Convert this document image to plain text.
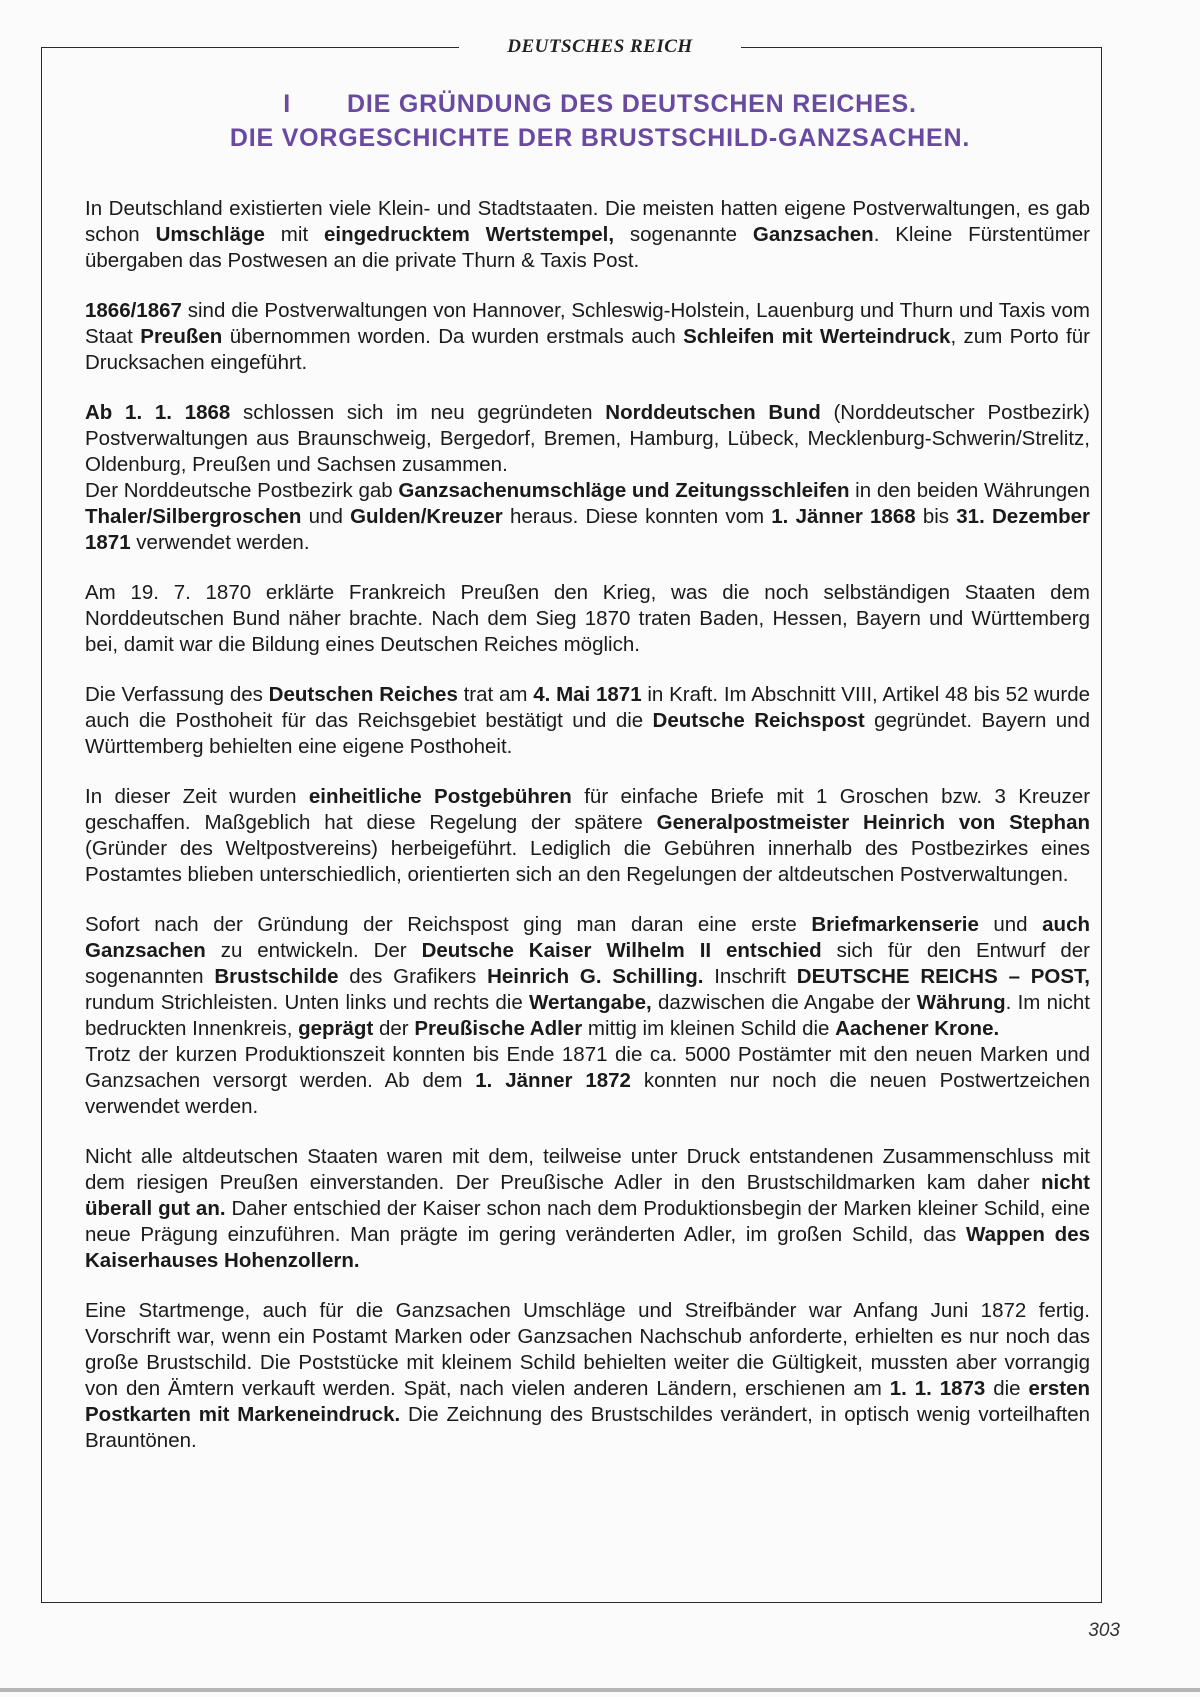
DEUTSCHES REICH
I DIE GRÜNDUNG DES DEUTSCHEN REICHES.
DIE VORGESCHICHTE DER BRUSTSCHILD-GANZSACHEN.

In Deutschland existierten viele Klein- und Stadtstaaten. Die meisten hatten eigene Postverwaltungen, es gab schon Umschläge mit eingedrucktem Wertstempel, sogenannte Ganzsachen. Kleine Fürstentümer übergaben das Postwesen an die private Thurn & Taxis Post.

1866/1867 sind die Postverwaltungen von Hannover, Schleswig-Holstein, Lauenburg und Thurn und Taxis vom Staat Preußen übernommen worden. Da wurden erstmals auch Schleifen mit Werteindruck, zum Porto für Drucksachen eingeführt.

Ab 1. 1. 1868 schlossen sich im neu gegründeten Norddeutschen Bund (Norddeutscher Postbezirk) Postverwaltungen aus Braunschweig, Bergedorf, Bremen, Hamburg, Lübeck, Mecklenburg-Schwerin/Strelitz, Oldenburg, Preußen und Sachsen zusammen.

Der Norddeutsche Postbezirk gab Ganzsachenumschläge und Zeitungsschleifen in den beiden Währungen Thaler/Silbergroschen und Gulden/Kreuzer heraus. Diese konnten vom 1. Jänner 1868 bis 31. Dezember 1871 verwendet werden.

Am 19. 7. 1870 erklärte Frankreich Preußen den Krieg, was die noch selbständigen Staaten dem Norddeutschen Bund näher brachte. Nach dem Sieg 1870 traten Baden, Hessen, Bayern und Württemberg bei, damit war die Bildung eines Deutschen Reiches möglich.

Die Verfassung des Deutschen Reiches trat am 4. Mai 1871 in Kraft. Im Abschnitt VIII, Artikel 48 bis 52 wurde auch die Posthoheit für das Reichsgebiet bestätigt und die Deutsche Reichspost gegründet. Bayern und Württemberg behielten eine eigene Posthoheit.

In dieser Zeit wurden einheitliche Postgebühren für einfache Briefe mit 1 Groschen bzw. 3 Kreuzer geschaffen. Maßgeblich hat diese Regelung der spätere Generalpostmeister Heinrich von Stephan (Gründer des Weltpostvereins) herbeigeführt. Lediglich die Gebühren innerhalb des Postbezirkes eines Postamtes blieben unterschiedlich, orientierten sich an den Regelungen der altdeutschen Postverwaltungen.

Sofort nach der Gründung der Reichspost ging man daran eine erste Briefmarkenserie und auch Ganzsachen zu entwickeln. Der Deutsche Kaiser Wilhelm II entschied sich für den Entwurf der sogenannten Brustschilde des Grafikers Heinrich G. Schilling. Inschrift DEUTSCHE REICHS – POST, rundum Strichleisten. Unten links und rechts die Wertangabe, dazwischen die Angabe der Währung. Im nicht bedruckten Innenkreis, geprägt der Preußische Adler mittig im kleinen Schild die Aachener Krone.

Trotz der kurzen Produktionszeit konnten bis Ende 1871 die ca. 5000 Postämter mit den neuen Marken und Ganzsachen versorgt werden. Ab dem 1. Jänner 1872 konnten nur noch die neuen Postwertzeichen verwendet werden.

Nicht alle altdeutschen Staaten waren mit dem, teilweise unter Druck entstandenen Zusammenschluss mit dem riesigen Preußen einverstanden. Der Preußische Adler in den Brustschildmarken kam daher nicht überall gut an. Daher entschied der Kaiser schon nach dem Produktionsbegin der Marken kleiner Schild, eine neue Prägung einzuführen. Man prägte im gering veränderten Adler, im großen Schild, das Wappen des Kaiserhauses Hohenzollern.

Eine Startmenge, auch für die Ganzsachen Umschläge und Streifbänder war Anfang Juni 1872 fertig. Vorschrift war, wenn ein Postamt Marken oder Ganzsachen Nachschub anforderte, erhielten es nur noch das große Brustschild. Die Poststücke mit kleinem Schild behielten weiter die Gültigkeit, mussten aber vorrangig von den Ämtern verkauft werden. Spät, nach vielen anderen Ländern, erschienen am 1. 1. 1873 die ersten Postkarten mit Markeneindruck. Die Zeichnung des Brustschildes verändert, in optisch wenig vorteilhaften Brauntönen.

303
